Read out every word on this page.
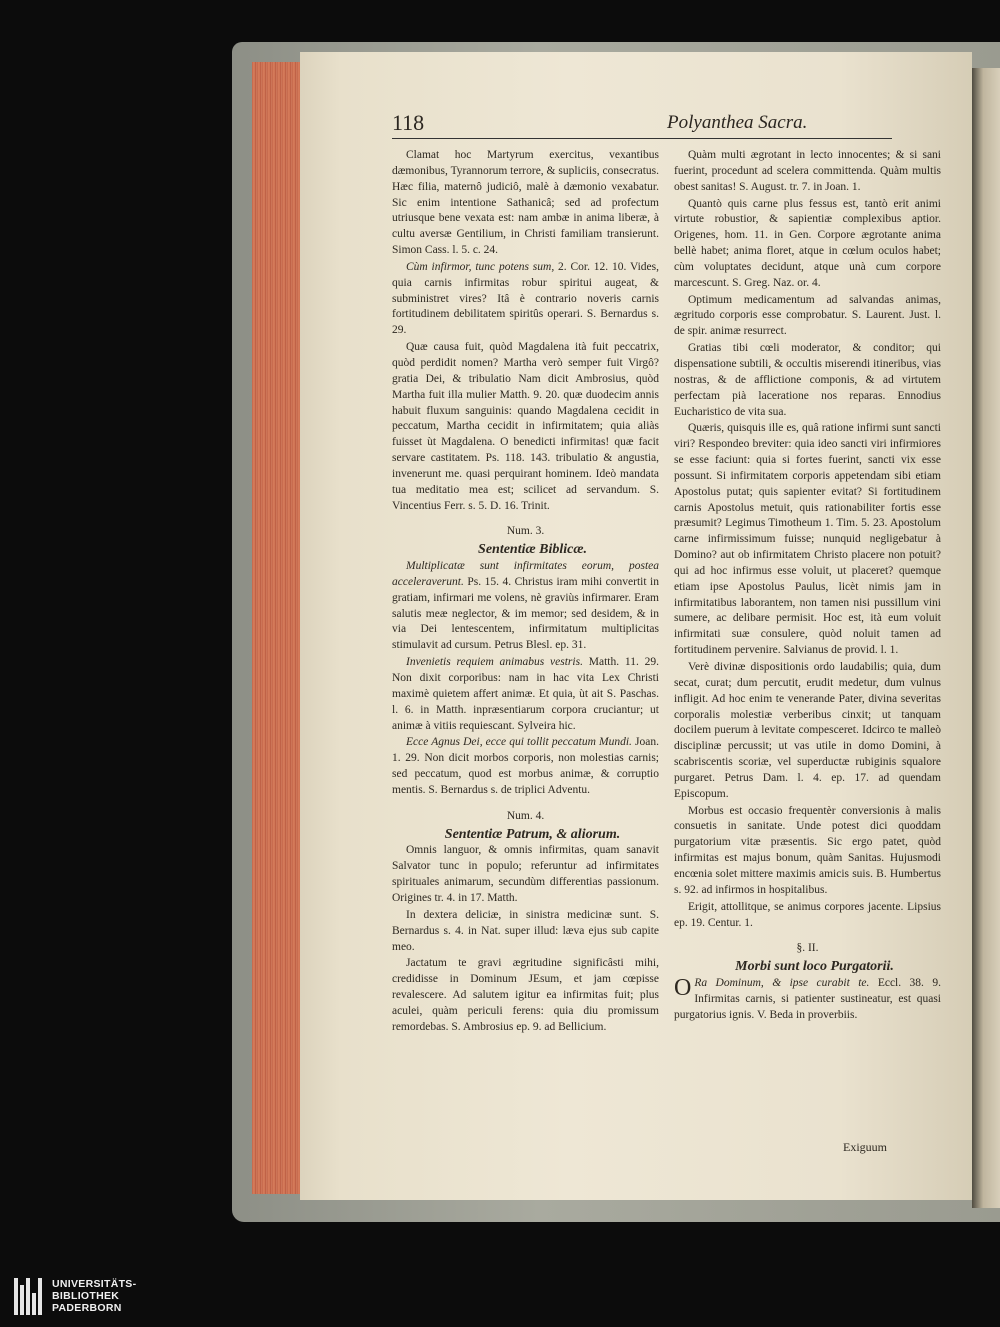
118	Polyanthea Sacra.

Clamat hoc Martyrum exercitus, vexantibus dæmonibus, Tyrannorum terrore, & supliciis, consecratus. Hæc filia, maternô judiciô, malè à dæmonio vexabatur. Sic enim intentione Sathanicâ; sed ad profectum utriusque bene vexata est: nam ambæ in anima liberæ, à cultu aversæ Gentilium, in Christi familiam transierunt. Simon Cass. l. 5. c. 24.

Cùm infirmor, tunc potens sum, 2. Cor. 12. 10. Vides, quia carnis infirmitas robur spiritui augeat, & subministret vires? Itâ è contrario noveris carnis fortitudinem debilitatem spiritûs operari. S. Bernardus s. 29.

Quæ causa fuit, quòd Magdalena ità fuit peccatrix, quòd perdidit nomen? Martha verò semper fuit Virgô? gratia Dei, & tribulatio Nam dicit Ambrosius, quòd Martha fuit illa mulier Matth. 9. 20. quæ duodecim annis habuit fluxum sanguinis: quando Magdalena cecidit in peccatum, Martha cecidit in infirmitatem; quia aliàs fuisset ùt Magdalena. O benedicti infirmitas! quæ facit servare castitatem. Ps. 118. 143. tribulatio & angustia, invenerunt me. quasi perquirant hominem. Ideò mandata tua meditatio mea est; scilicet ad servandum. S. Vincentius Ferr. s. 5. D. 16. Trinit.

Num. 3.

Sententiæ Biblicæ.

Multiplicatæ sunt infirmitates eorum, postea acceleraverunt. Ps. 15. 4. Christus iram mihi convertit in gratiam, infirmari me volens, nè graviùs infirmarer. Eram salutis meæ neglector, & im memor; sed desidem, & in via Dei lentescentem, infirmitatum multiplicitas stimulavit ad cursum. Petrus Blesl. ep. 31.

Invenietis requiem animabus vestris. Matth. 11. 29. Non dixit corporibus: nam in hac vita Lex Christi maximè quietem affert animæ. Et quia, ùt ait S. Paschas. l. 6. in Matth. inpræsentiarum corpora cruciantur; ut animæ à vitiis requiescant. Sylveira hic.

Ecce Agnus Dei, ecce qui tollit peccatum Mundi. Joan. 1. 29. Non dicit morbos corporis, non molestias carnis; sed peccatum, quod est morbus animæ, & corruptio mentis. S. Bernardus s. de triplici Adventu.

Num. 4.

Sententiæ Patrum, & aliorum.

Omnis languor, & omnis infirmitas, quam sanavit Salvator tunc in populo; referuntur ad infirmitates spirituales animarum, secundùm differentias passionum. Origines tr. 4. in 17. Matth.

In dextera deliciæ, in sinistra medicinæ sunt. S. Bernardus s. 4. in Nat. super illud: læva ejus sub capite meo.

Jactatum te gravi ægritudine significâsti mihi, credidisse in Dominum JEsum, et jam cœpisse revalescere. Ad salutem igitur ea infirmitas fuit; plus aculei, quàm periculi ferens: quia diu promissum remordebas. S. Ambrosius ep. 9. ad Bellicium.

Quàm multi ægrotant in lecto innocentes; & si sani fuerint, procedunt ad scelera committenda. Quàm multis obest sanitas! S. August. tr. 7. in Joan. 1.

Quantò quis carne plus fessus est, tantò erit animi virtute robustior, & sapientiæ complexibus aptior. Origenes, hom. 11. in Gen. Corpore ægrotante anima bellè habet; anima floret, atque in cœlum oculos habet; cùm voluptates decidunt, atque unà cum corpore marcescunt. S. Greg. Naz. or. 4.

Optimum medicamentum ad salvandas animas, ægritudo corporis esse comprobatur. S. Laurent. Just. l. de spir. animæ resurrect.

Gratias tibi cœli moderator, & conditor; qui dispensatione subtili, & occultis miserendi itineribus, vias nostras, & de afflictione componis, & ad virtutem perfectam pià laceratione nos reparas. Ennodius Eucharistico de vita sua.

Quæris, quisquis ille es, quâ ratione infirmi sunt sancti viri? Respondeo breviter: quia ideo sancti viri infirmiores se esse faciunt: quia si fortes fuerint, sancti vix esse possunt. Si infirmitatem corporis appetendam sibi etiam Apostolus putat; quis sapienter evitat? Si fortitudinem carnis Apostolus metuit, quis rationabiliter fortis esse præsumit? Legimus Timotheum 1. Tim. 5. 23. Apostolum carne infirmissimum fuisse; nunquid negligebatur à Domino? aut ob infirmitatem Christo placere non potuit? qui ad hoc infirmus esse voluit, ut placeret? quemque etiam ipse Apostolus Paulus, licèt nimis jam in infirmitatibus laborantem, non tamen nisi pussillum vini sumere, ac delibare permisit. Hoc est, ità eum voluit infirmitati suæ consulere, quòd noluit tamen ad fortitudinem pervenire. Salvianus de provid. l. 1.

Verè divinæ dispositionis ordo laudabilis; quia, dum secat, curat; dum percutit, erudit medetur, dum vulnus infligit. Ad hoc enim te venerande Pater, divina severitas corporalis molestiæ verberibus cinxit; ut tanquam docilem puerum à levitate compesceret. Idcirco te malleò disciplinæ percussit; ut vas utile in domo Domini, à scabriscentis scoriæ, vel superductæ rubiginis squalore purgaret. Petrus Dam. l. 4. ep. 17. ad quendam Episcopum.

Morbus est occasio frequentèr conversionis à malis consuetis in sanitate. Unde potest dici quoddam purgatorium vitæ præsentis. Sic ergo patet, quòd infirmitas est majus bonum, quàm Sanitas. Hujusmodi encœnia solet mittere maximis amicis suis. B. Humbertus s. 92. ad infirmos in hospitalibus.

Erigit, attollitque, se animus corpores jacente. Lipsius ep. 19. Centur. 1.

§. II.

Morbi sunt loco Purgatorii.

O Ra Dominum, & ipse curabit te. Eccl. 38. 9. Infirmitas carnis, si patienter sustineatur, est quasi purgatorius ignis. V. Beda in proverbiis.

Exiguum
UNIVERSITÄTS-
BIBLIOTHEK
PADERBORN
